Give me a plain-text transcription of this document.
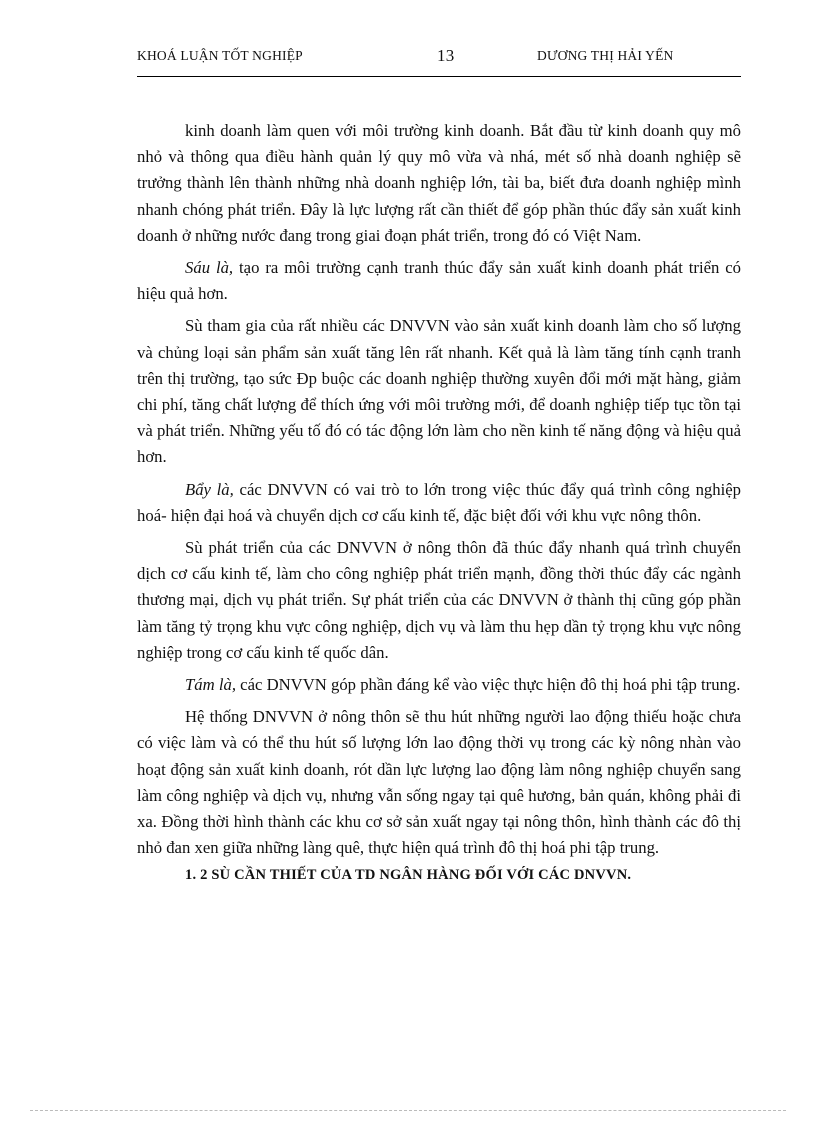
KHOÁ LUẬN TỐT NGHIỆP	13	DƯƠNG THỊ HẢI YẾN

kinh doanh làm quen với môi trường kinh doanh. Bắt đầu từ kinh doanh quy mô nhỏ và thông qua điều hành quản lý quy mô vừa và nhá, mét số nhà doanh nghiệp sẽ trưởng thành lên thành những nhà doanh nghiệp lớn, tài ba, biết đưa doanh nghiệp mình nhanh chóng phát triển. Đây là lực lượng rất cần thiết để góp phần thúc đẩy sản xuất kinh doanh ở những nước đang trong giai đoạn phát triển, trong đó có Việt Nam.

Sáu là, tạo ra môi trường cạnh tranh thúc đẩy sản xuất kinh doanh phát triển có hiệu quả hơn.

Sù tham gia của rất nhiều các DNVVN vào sản xuất kinh doanh làm cho số lượng và chủng loại sản phẩm sản xuất tăng lên rất nhanh. Kết quả là làm tăng tính cạnh tranh trên thị trường, tạo sức Ðp buộc các doanh nghiệp thường xuyên đổi mới mặt hàng, giảm chi phí, tăng chất lượng để thích ứng với môi trường mới, để doanh nghiệp tiếp tục tồn tại và phát triển. Những yếu tố đó có tác động lớn làm cho nền kinh tế năng động và hiệu quả hơn.

Bẩy là, các DNVVN có vai trò to lớn trong việc thúc đẩy quá trình công nghiệp hoá- hiện đại hoá và chuyển dịch cơ cấu kinh tế, đặc biệt đối với khu vực nông thôn.

Sù phát triển của các DNVVN ở nông thôn đã thúc đẩy nhanh quá trình chuyển dịch cơ cấu kinh tế, làm cho công nghiệp phát triển mạnh, đồng thời thúc đẩy các ngành thương mại, dịch vụ phát triển. Sự phát triển của các DNVVN ở thành thị cũng góp phần làm tăng tỷ trọng khu vực công nghiệp, dịch vụ và làm thu hẹp dần tỷ trọng khu vực nông nghiệp trong cơ cấu kinh tế quốc dân.

Tám là, các DNVVN góp phần đáng kể vào việc thực hiện đô thị hoá phi tập trung.

Hệ thống DNVVN ở nông thôn sẽ thu hút những người lao động thiếu hoặc chưa có việc làm và có thể thu hút số lượng lớn lao động thời vụ trong các kỳ nông nhàn vào hoạt động sản xuất kinh doanh, rót dần lực lượng lao động làm nông nghiệp chuyển sang làm công nghiệp và dịch vụ, nhưng vẫn sống ngay tại quê hương, bản quán, không phải đi xa. Đồng thời hình thành các khu cơ sở sản xuất ngay tại nông thôn, hình thành các đô thị nhỏ đan xen giữa những làng quê, thực hiện quá trình đô thị hoá phi tập trung.

1. 2 SÙ CẦN THIẾT CỦA TD NGÂN HÀNG ĐỐI VỚI CÁC DNVVN.
